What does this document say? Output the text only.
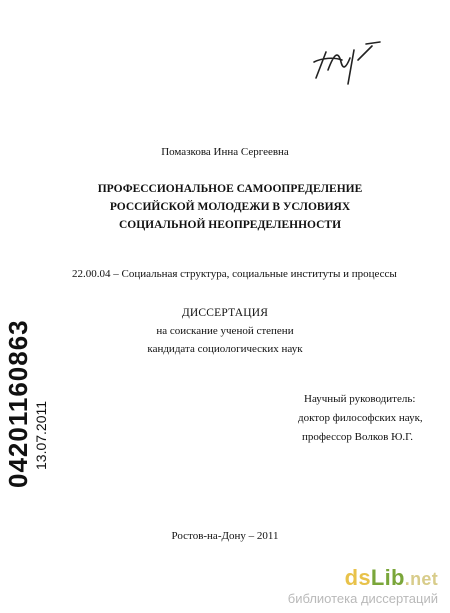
Помазкова Инна Сергеевна
ПРОФЕССИОНАЛЬНОЕ САМООПРЕДЕЛЕНИЕ
РОССИЙСКОЙ МОЛОДЕЖИ В УСЛОВИЯХ
СОЦИАЛЬНОЙ НЕОПРЕДЕЛЕННОСТИ
22.00.04 – Социальная структура, социальные институты и процессы
ДИССЕРТАЦИЯ
на соискание ученой степени
кандидата социологических наук
Научный руководитель:
доктор философских наук,
профессор Волков Ю.Г.
Ростов-на-Дону – 2011
04201160863 13.07.2011
dsLib.net
библиотека диссертаций
